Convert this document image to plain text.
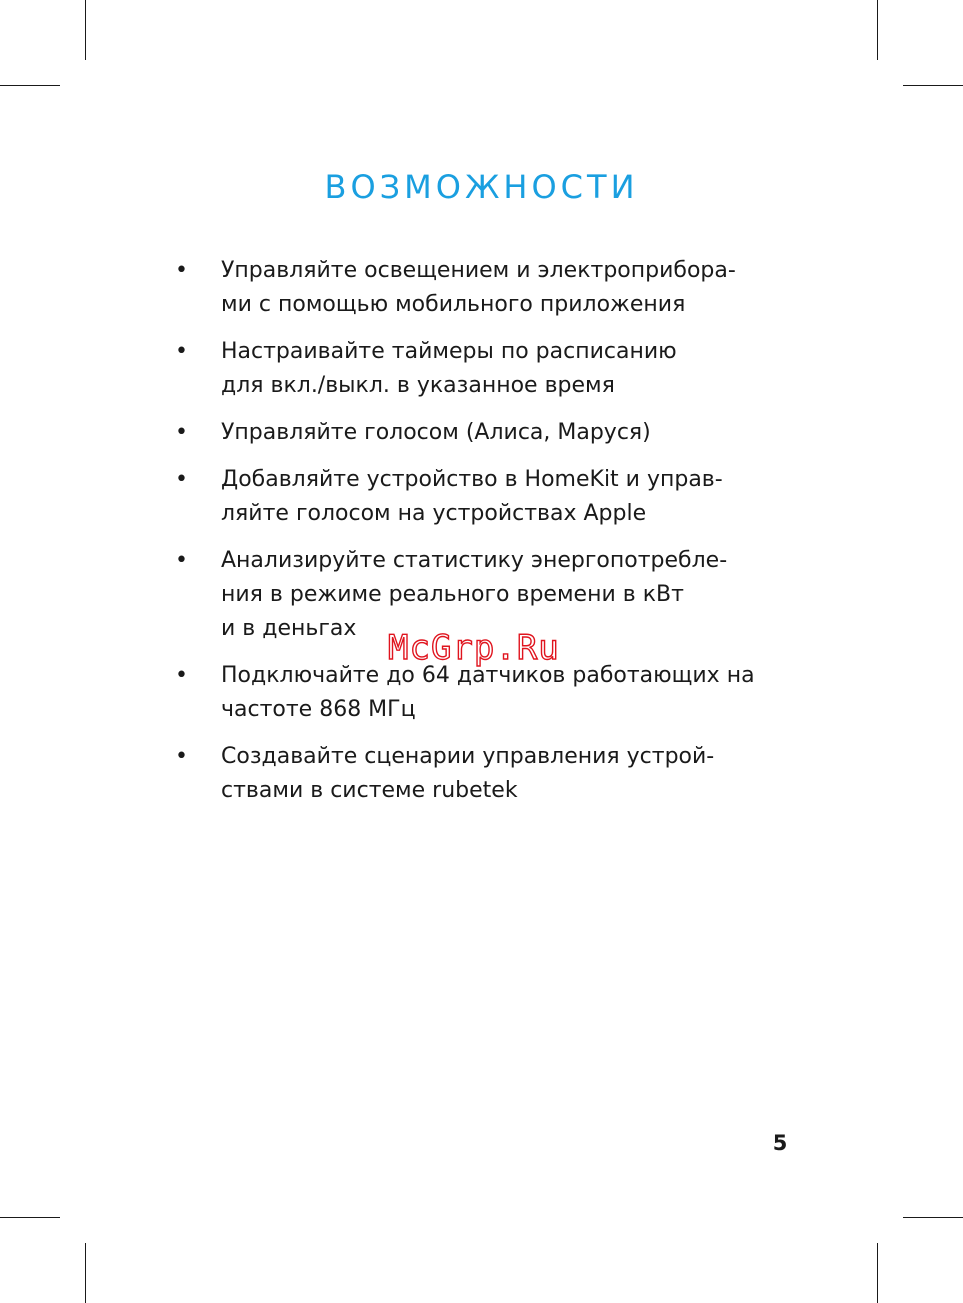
ВОЗМОЖНОСТИ
• Управляйте освещением и электроприбора-
ми с помощью мобильного приложения
• Настраивайте таймеры по расписанию
для вкл./выкл. в указанное время
• Управляйте голосом (Алиса, Маруся)
• Добавляйте устройство в HomeKit и управ-
ляйте голосом на устройствах Apple
• Анализируйте статистику энергопотребле-
ния в режиме реального времени в кВт
и в деньгах
• Подключайте до 64 датчиков работающих на
частоте 868 МГц
• Создавайте сценарии управления устрой-
ствами в системе rubetek
McGrp.Ru
5
